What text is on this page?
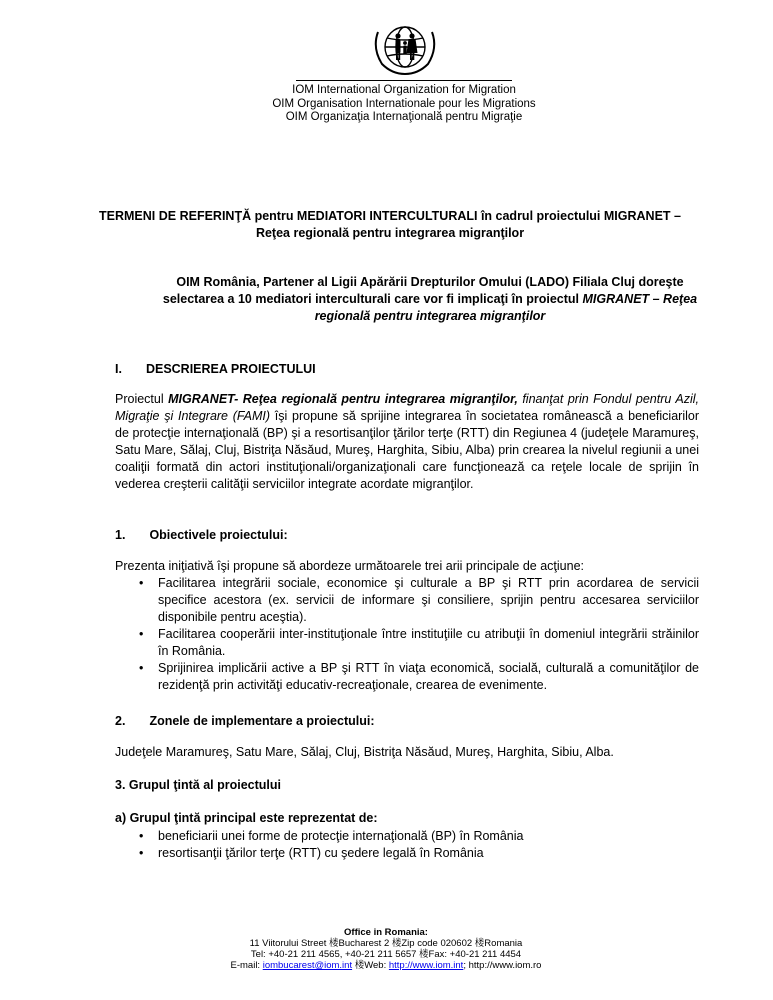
IOM International Organization for Migration
OIM Organisation Internationale pour les Migrations
OIM Organizaţia Internaţională pentru Migraţie
TERMENI DE REFERINŢĂ pentru MEDIATORI INTERCULTURALI în cadrul proiectului MIGRANET –
Reţea regională pentru integrarea migranţilor
OIM România, Partener al Ligii Apărării Drepturilor Omului (LADO) Filiala Cluj doreşte
selectarea a 10 mediatori interculturali care vor fi implicaţi în proiectul MIGRANET – Reţea
regională pentru integrarea migranţilor
I. DESCRIEREA PROIECTULUI
Proiectul MIGRANET- Reţea regională pentru integrarea migranţilor, finanţat prin Fondul pentru Azil, Migraţie şi Integrare (FAMI) îşi propune să sprijine integrarea în societatea românească a beneficiarilor de protecţie internaţională (BP) şi a resortisanţilor ţărilor terţe (RTT) din Regiunea 4 (judeţele Maramureş, Satu Mare, Sălaj, Cluj, Bistriţa Năsăud, Mureş, Harghita, Sibiu, Alba) prin crearea la nivelul regiunii a unei coaliţii formată din actori instituţionali/organizaţionali care funcţionează ca reţele locale de sprijin în vederea creşterii calităţii serviciilor integrate acordate migranţilor.
1. Obiectivele proiectului:
Prezenta iniţiativă îşi propune să abordeze următoarele trei arii principale de acţiune:
• Facilitarea integrării sociale, economice şi culturale a BP şi RTT prin acordarea de servicii specifice acestora (ex. servicii de informare şi consiliere, sprijin pentru accesarea serviciilor disponibile pentru aceştia).
• Facilitarea cooperării inter-instituţionale între instituţiile cu atribuţii în domeniul integrării străinilor în România.
• Sprijinirea implicării active a BP şi RTT în viaţa economică, socială, culturală a comunităţilor de rezidenţă prin activităţi educativ-recreaţionale, crearea de evenimente.
2. Zonele de implementare a proiectului:
Judeţele Maramureş, Satu Mare, Sălaj, Cluj, Bistriţa Năsăud, Mureş, Harghita, Sibiu, Alba.
3. Grupul ţintă al proiectului
a) Grupul ţintă principal este reprezentat de:
• beneficiarii unei forme de protecţie internaţională (BP) în România
• resortisanţii ţărilor terţe (RTT) cu şedere legală în România
Office in Romania:
11 Viitorului Street 楼Bucharest 2 楼Zip code 020602 楼Romania
Tel: +40-21 211 4565, +40-21 211 5657 楼Fax: +40-21 211 4454
E-mail: iombucarest@iom.int 楼Web: http://www.iom.int; http://www.iom.ro
